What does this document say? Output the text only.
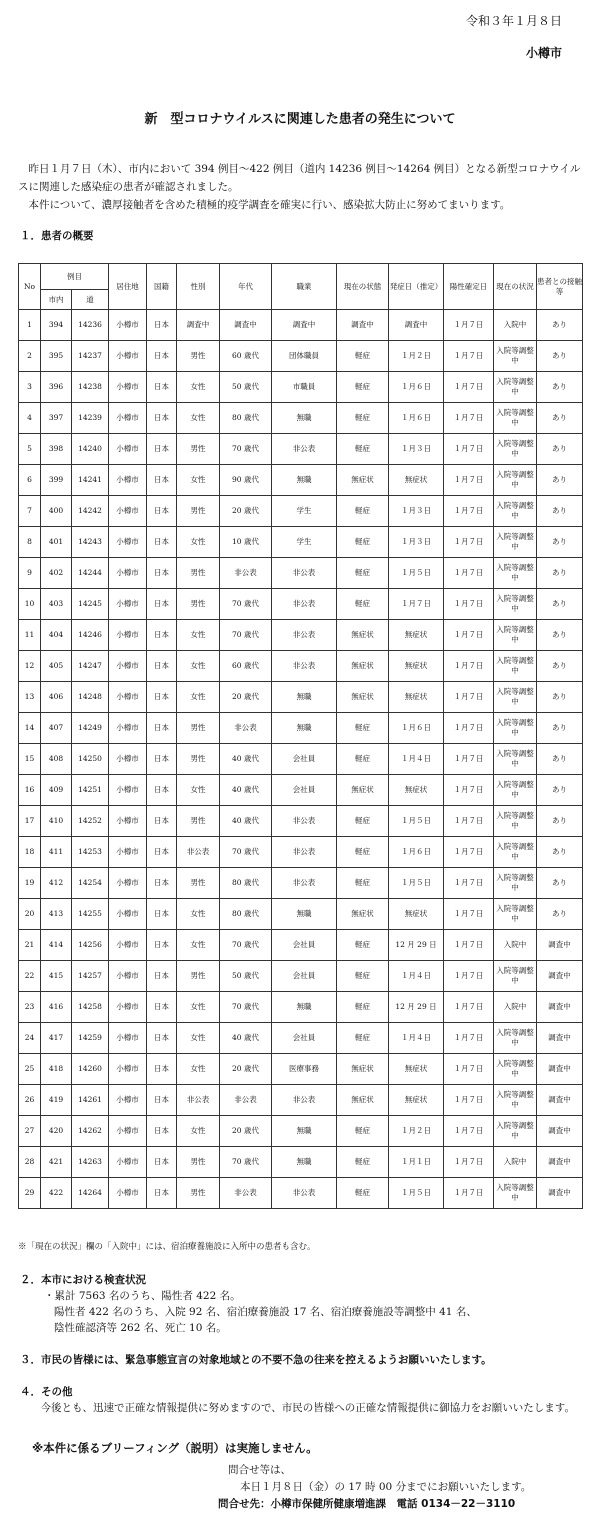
令和３年１月８日
小樽市
新　型コロナウイルスに関連した患者の発生について

昨日１月７日（木）、市内において 394 例目～422 例目（道内 14236 例目～14264 例目）となる新型コロナウイルスに関連した感染症の患者が確認されました。

本件について、濃厚接触者を含めた積極的疫学調査を確実に行い、感染拡大防止に努めてまいります。

１．患者の概要
No	例目		居住地	国籍	性別	年代	職業	現在の状態	発症日（推定）	陽性確定日	現在の状況	患者との接触等
	市内	道										
1	394	14236	小樽市	日本	調査中	調査中	調査中	調査中	調査中	１月７日	入院中	あり
2	395	14237	小樽市	日本	男性	60 歳代	団体職員	軽症	１月２日	１月７日	入院等調整中	あり
3	396	14238	小樽市	日本	女性	50 歳代	市職員	軽症	１月６日	１月７日	入院等調整中	あり
4	397	14239	小樽市	日本	女性	80 歳代	無職	軽症	１月６日	１月７日	入院等調整中	あり
5	398	14240	小樽市	日本	男性	70 歳代	非公表	軽症	１月３日	１月７日	入院等調整中	あり
6	399	14241	小樽市	日本	女性	90 歳代	無職	無症状	無症状	１月７日	入院等調整中	あり
7	400	14242	小樽市	日本	男性	20 歳代	学生	軽症	１月３日	１月７日	入院等調整中	あり
8	401	14243	小樽市	日本	女性	10 歳代	学生	軽症	１月３日	１月７日	入院等調整中	あり
9	402	14244	小樽市	日本	男性	非公表	非公表	軽症	１月５日	１月７日	入院等調整中	あり
10	403	14245	小樽市	日本	男性	70 歳代	非公表	軽症	１月７日	１月７日	入院等調整中	あり
11	404	14246	小樽市	日本	女性	70 歳代	非公表	無症状	無症状	１月７日	入院等調整中	あり
12	405	14247	小樽市	日本	女性	60 歳代	非公表	無症状	無症状	１月７日	入院等調整中	あり
13	406	14248	小樽市	日本	女性	20 歳代	無職	無症状	無症状	１月７日	入院等調整中	あり
14	407	14249	小樽市	日本	男性	非公表	無職	軽症	１月６日	１月７日	入院等調整中	あり
15	408	14250	小樽市	日本	男性	40 歳代	会社員	軽症	１月４日	１月７日	入院等調整中	あり
16	409	14251	小樽市	日本	女性	40 歳代	会社員	無症状	無症状	１月７日	入院等調整中	あり
17	410	14252	小樽市	日本	男性	40 歳代	非公表	軽症	１月５日	１月７日	入院等調整中	あり
18	411	14253	小樽市	日本	非公表	70 歳代	非公表	軽症	１月６日	１月７日	入院等調整中	あり
19	412	14254	小樽市	日本	男性	80 歳代	非公表	軽症	１月５日	１月７日	入院等調整中	あり
20	413	14255	小樽市	日本	女性	80 歳代	無職	無症状	無症状	１月７日	入院等調整中	あり
21	414	14256	小樽市	日本	女性	70 歳代	会社員	軽症	12 月 29 日	１月７日	入院中	調査中
22	415	14257	小樽市	日本	男性	50 歳代	会社員	軽症	１月４日	１月７日	入院等調整中	調査中
23	416	14258	小樽市	日本	女性	70 歳代	無職	軽症	12 月 29 日	１月７日	入院中	調査中
24	417	14259	小樽市	日本	女性	40 歳代	会社員	軽症	１月４日	１月７日	入院等調整中	調査中
25	418	14260	小樽市	日本	女性	20 歳代	医療事務	無症状	無症状	１月７日	入院等調整中	調査中
26	419	14261	小樽市	日本	非公表	非公表	非公表	無症状	無症状	１月７日	入院等調整中	調査中
27	420	14262	小樽市	日本	女性	20 歳代	無職	軽症	１月２日	１月７日	入院等調整中	調査中
28	421	14263	小樽市	日本	男性	70 歳代	無職	軽症	１月１日	１月７日	入院中	調査中
29	422	14264	小樽市	日本	男性	非公表	非公表	軽症	１月５日	１月７日	入院等調整中	調査中
※「現在の状況」欄の「入院中」には、宿泊療養施設に入所中の患者も含む。
２．本市における検査状況
・累計 7563 名のうち、陽性者 422 名。
陽性者 422 名のうち、入院 92 名、宿泊療養施設 17 名、宿泊療養施設等調整中 41 名、
陰性確認済等 262 名、死亡 10 名。
３．市民の皆様には、緊急事態宣言の対象地域との不要不急の往来を控えるようお願いいたします。
４．その他

今後とも、迅速で正確な情報提供に努めますので、市民の皆様への正確な情報提供に御協力をお願いいたします。

※本件に係るブリーフィング（説明）は実施しません。
問合せ等は、
本日１月８日（金）の 17 時 00 分までにお願いいたします。
問合せ先：小樽市保健所健康増進課　電話 0134－22－3110
